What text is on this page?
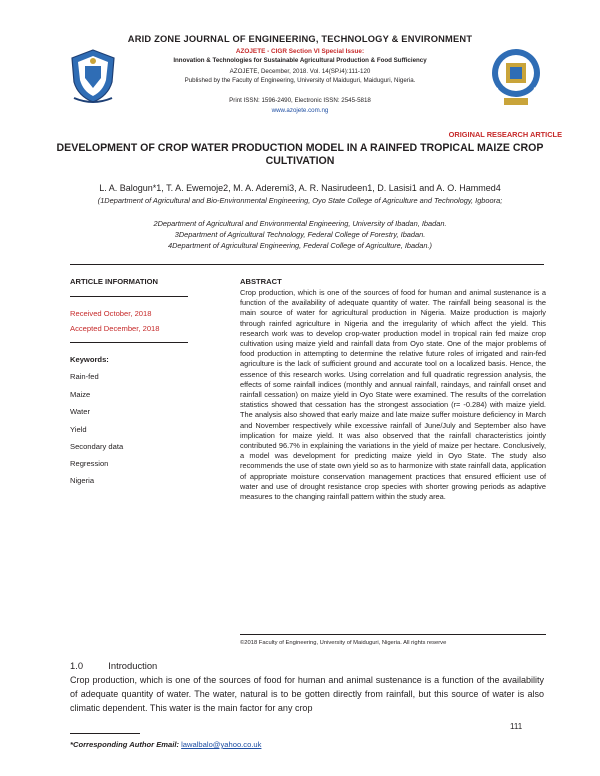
ARID ZONE JOURNAL OF ENGINEERING, TECHNOLOGY & ENVIRONMENT
AZOJETE - CIGR Section VI Special Issue:
Innovation & Technologies for Sustainable Agricultural Production & Food Sufficiency
AZOJETE, December, 2018. Vol. 14(SP.i4):111-120
Published by the Faculty of Engineering, University of Maiduguri, Maiduguri, Nigeria.
Print ISSN: 1596-2490, Electronic ISSN: 2545-5818
www.azojete.com.ng
C	I
G	R
ORIGINAL RESEARCH ARTICLE
DEVELOPMENT OF CROP WATER PRODUCTION MODEL IN A RAINFED TROPICAL MAIZE CROP CULTIVATION
L. A. Balogun*1, T. A. Ewemoje2, M. A. Aderemi3, A. R. Nasirudeen1, D. Lasisi1 and A. O. Hammed4
(1Department of Agricultural and Bio-Environmental Engineering, Oyo State College of Agriculture and Technology, Igboora;
2Department of Agricultural and Environmental Engineering, University of Ibadan, Ibadan.
3Department of Agricultural Technology, Federal College of Forestry, Ibadan.
4Department of Agricultural Engineering, Federal College of Agriculture, Ibadan.)
ARTICLE INFORMATION
Received October, 2018
Accepted December, 2018
Keywords:
Rain-fed
Maize
Water
Yield
Secondary data
Regression
Nigeria
ABSTRACT
Crop production, which is one of the sources of food for human and animal sustenance is a function of the availability of adequate quantity of water. The rainfall being seasonal is the main source of water for agricultural production in Nigeria. Maize production is majorly through rainfed agriculture in Nigeria and the irregularity of which affect the yield. This research work was to develop crop-water production model in tropical rain fed maize crop cultivation using maize yield and rainfall data from Oyo state. One of the major problems of food production in attempting to determine the relative future roles of irrigated and rain-fed agriculture is the lack of sufficient ground and accurate tool on a localized basis. Hence, the essence of this research works. Using correlation and full quadratic regression analysis, the effects of some rainfall indices (monthly and annual rainfall, raindays, and rainfall onset and rainfall cessation) on maize yield in Oyo State were examined. The results of the correlation statistics showed that cessation has the strongest association (r= -0.284) with maize yield. The analysis also showed that early maize and late maize suffer moisture deficiency in March and November respectively while excessive rainfall of June/July and September also have implication for maize yield. It was also observed that the rainfall characteristics jointly contributed 96.7% in explaining the variations in the yield of maize per hectare. Conclusively, a model was development for predicting maize yield in Oyo State. The study also recommends the use of state own yield so as to harmonize with state rainfall data, application of appropriate moisture conservation management practices that ensured efficient use of water and use of drought resistance crop species with shorter growing periods as adaptive measures to the changing rainfall pattern within the study area.
©2018 Faculty of Engineering, University of Maiduguri, Nigeria. All rights reserve
1.0	Introduction
Crop production, which is one of the sources of food for human and animal sustenance is a function of the availability of adequate quantity of water. The water, natural is to be gotten directly from rainfall, but this source of water is also climatic dependent. This water is the main factor for any crop
111
*Corresponding Author Email: lawalbalo@yahoo.co.uk
